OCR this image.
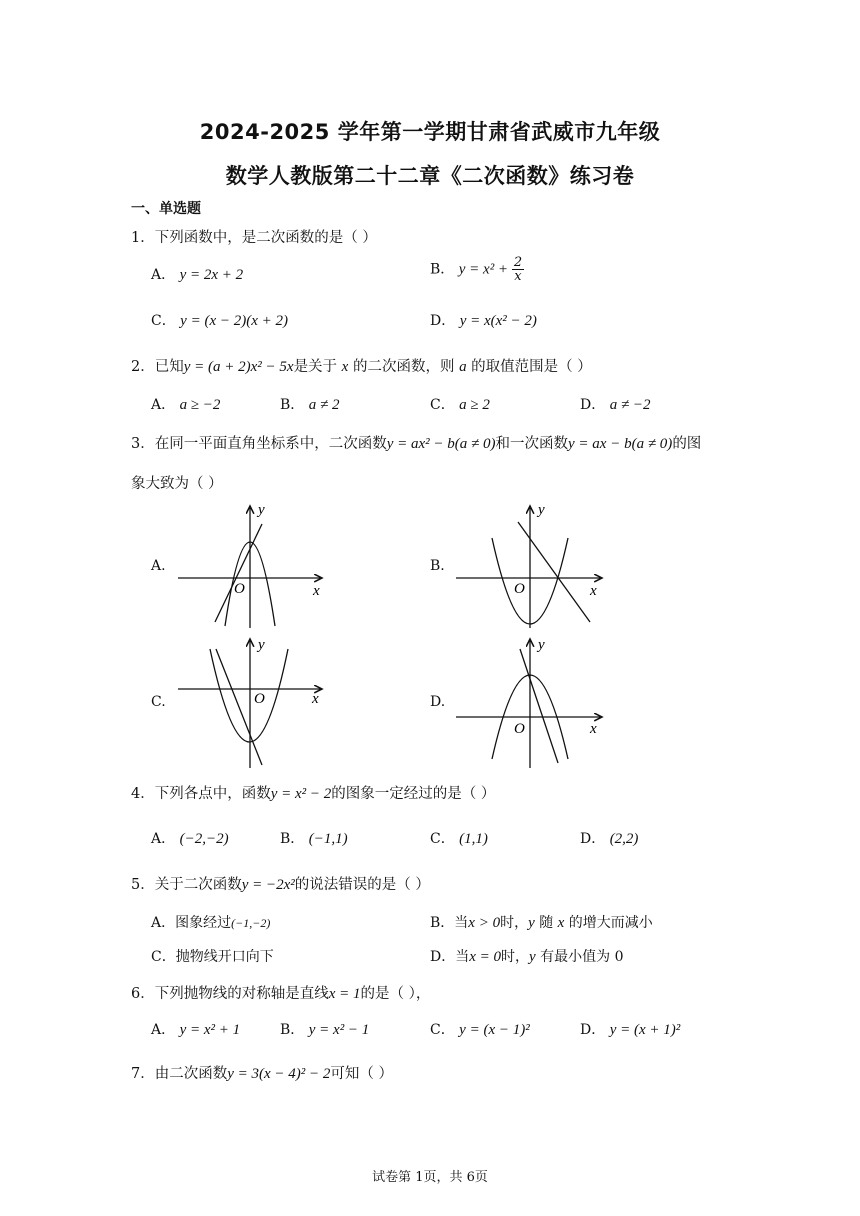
2024-2025 学年第一学期甘肃省武威市九年级
数学人教版第二十二章《二次函数》练习卷
一、单选题
1．下列函数中，是二次函数的是（ ）
A． y = 2x + 2	B． $y = x^2 + \frac{2}{x}$
C． y = (x − 2)(x + 2)	D． y = x(x² − 2)
2．已知y = (a + 2)x² − 5x是关于 x 的二次函数，则 a 的取值范围是（ ）
A． a ≥ −2	B． a ≠ 2	C． a ≥ 2	D． a ≠ −2
3．在同一平面直角坐标系中，二次函数y = ax² − b(a ≠ 0)和一次函数y = ax − b(a ≠ 0)的图
象大致为（ ）
A.	B.
C.	D.
y
x
O
y
x
O
y
x
O
y
x
O
4．下列各点中，函数y = x² − 2的图象一定经过的是（ ）
A． (−2,−2)	B． (−1,1)	C． (1,1)	D． (2,2)
5．关于二次函数y = −2x²的说法错误的是（ ）
A．图象经过(−1,−2)	B．当x > 0时，y 随 x 的增大而减小
C．抛物线开口向下	D．当x = 0时，y 有最小值为 0
6．下列抛物线的对称轴是直线x = 1的是（ ），
A． y = x² + 1	B． y = x² − 1	C． y = (x − 1)²	D． y = (x + 1)²
7．由二次函数y = 3(x − 4)² − 2可知（ ）
试卷第 1页，共 6页
